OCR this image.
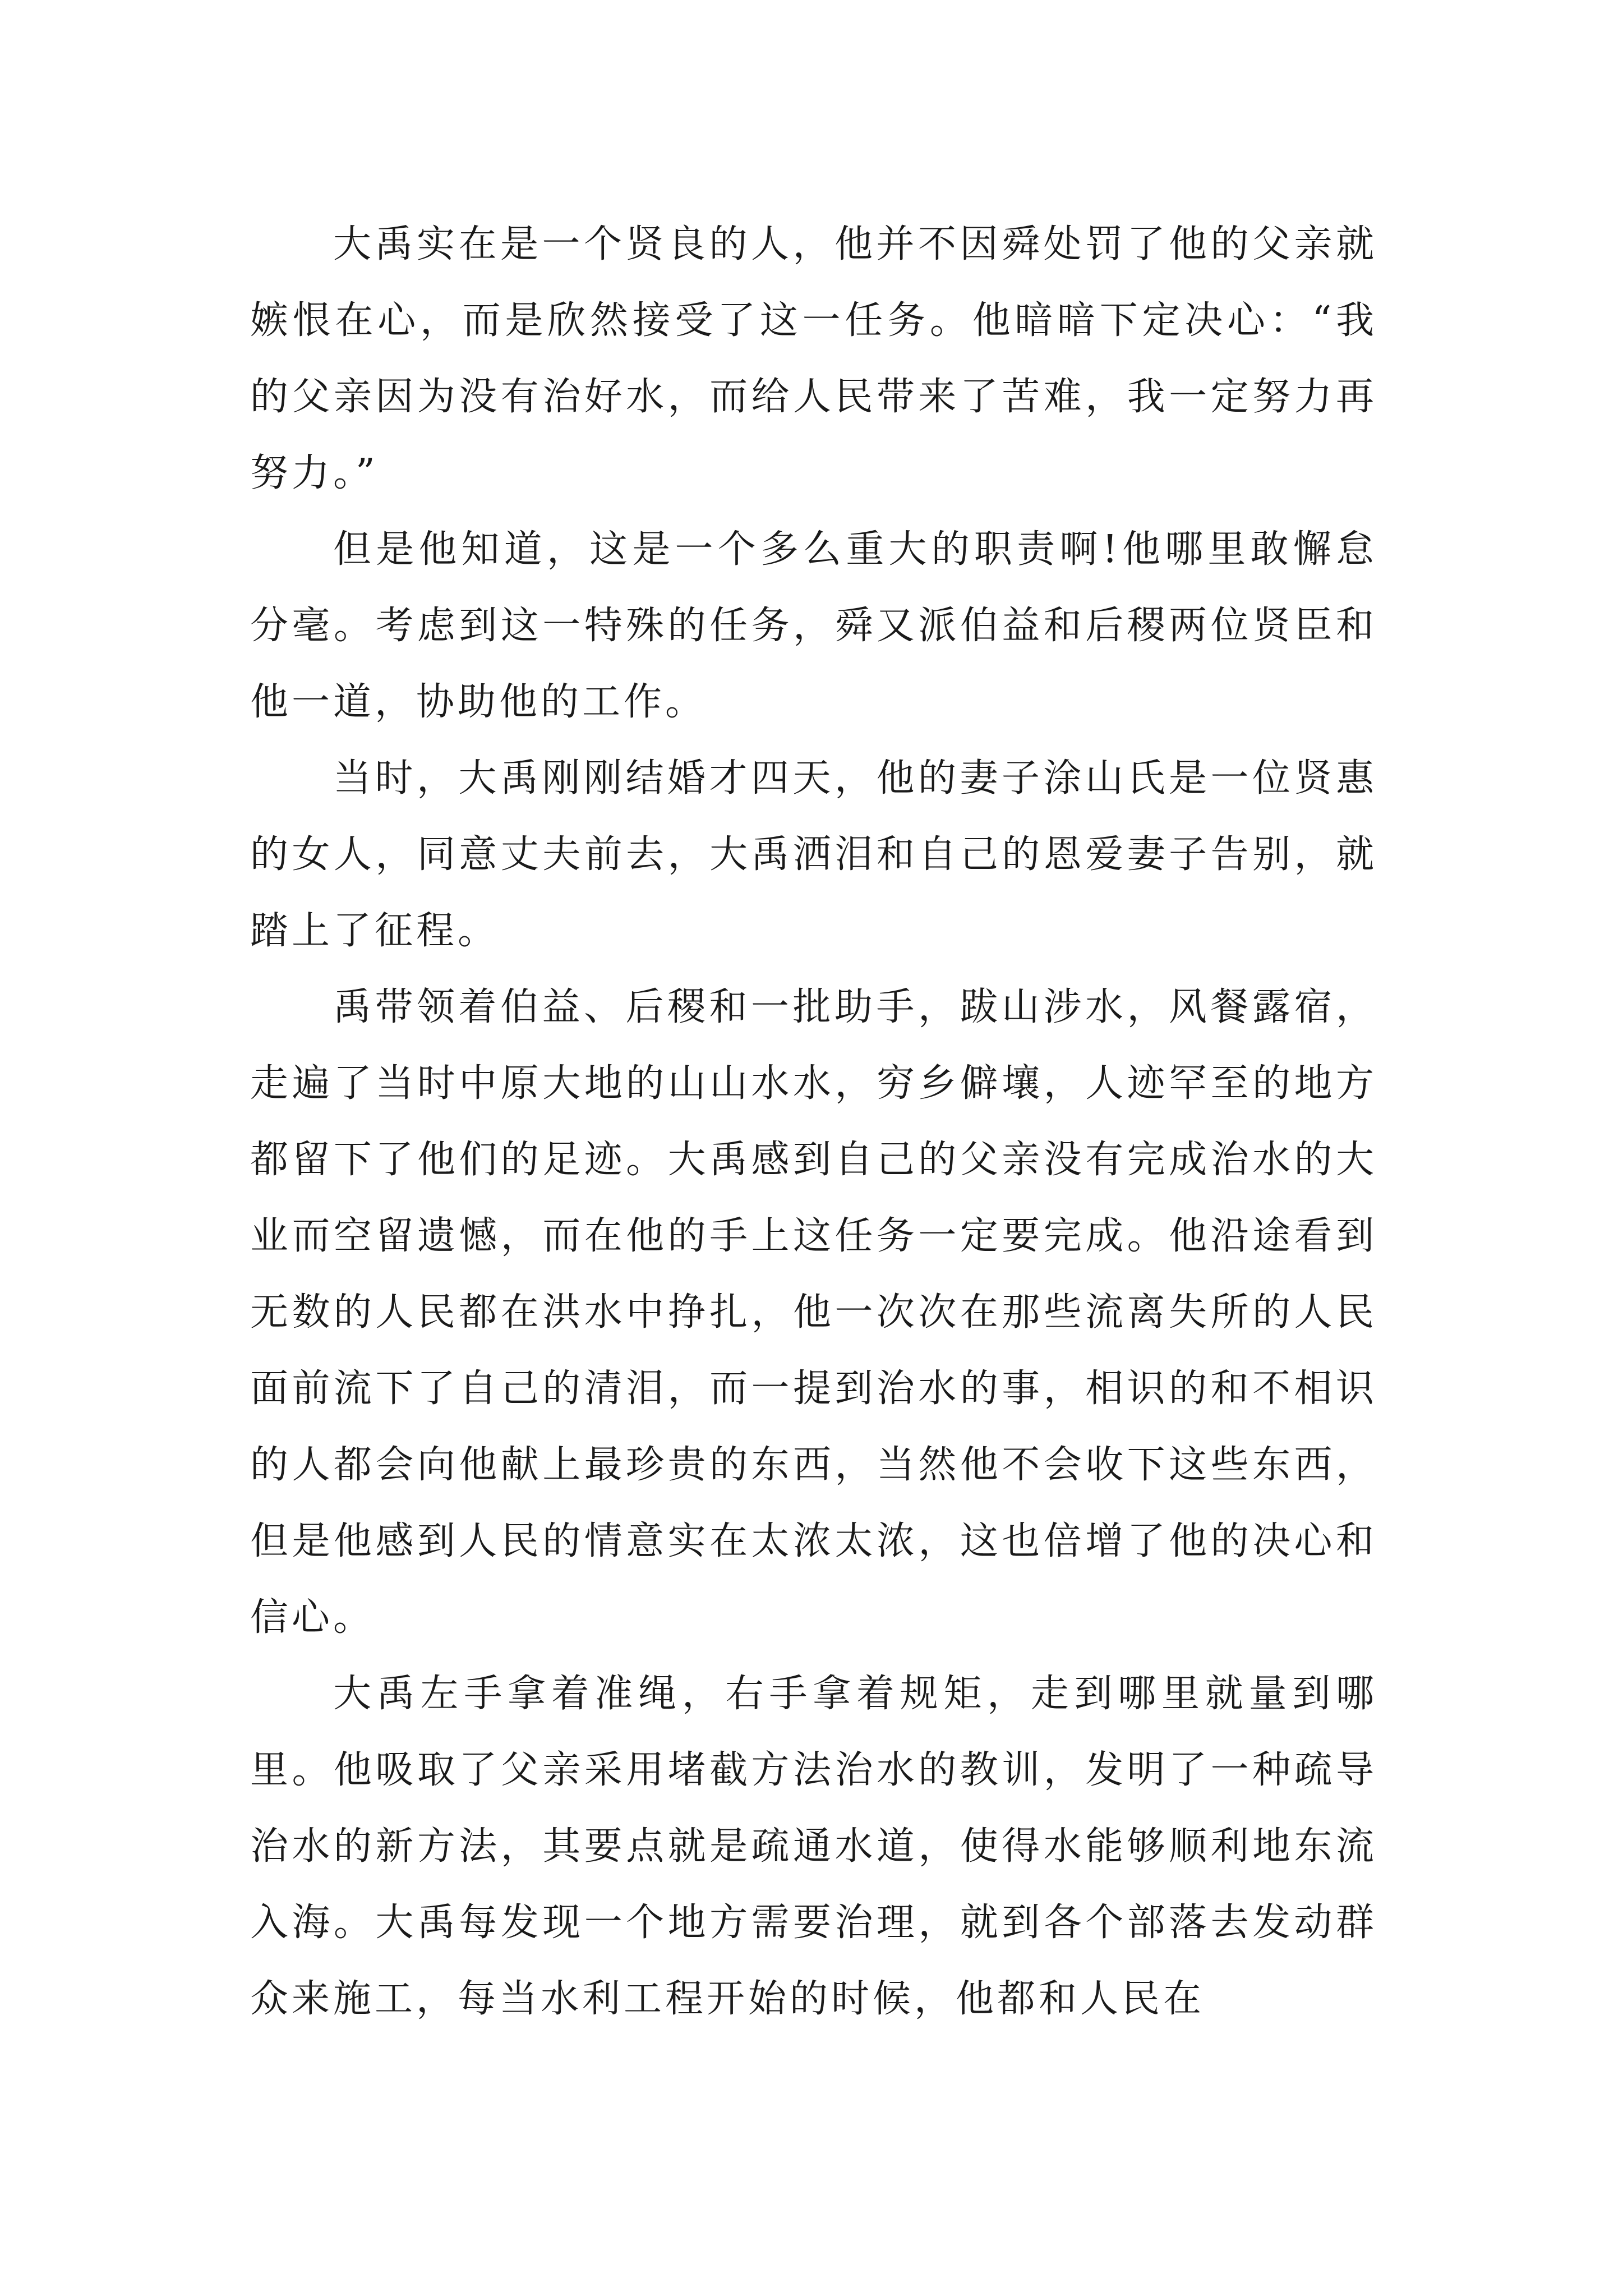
大禹实在是一个贤良的人，他并不因舜处罚了他的父亲就嫉恨在心，而是欣然接受了这一任务。他暗暗下定决心：“我的父亲因为没有治好水，而给人民带来了苦难，我一定努力再努力。”

但是他知道，这是一个多么重大的职责啊!他哪里敢懈怠分毫。考虑到这一特殊的任务，舜又派伯益和后稷两位贤臣和他一道，协助他的工作。

当时，大禹刚刚结婚才四天，他的妻子涂山氏是一位贤惠的女人，同意丈夫前去，大禹洒泪和自己的恩爱妻子告别，就踏上了征程。

禹带领着伯益、后稷和一批助手，跋山涉水，风餐露宿，走遍了当时中原大地的山山水水，穷乡僻壤，人迹罕至的地方都留下了他们的足迹。大禹感到自己的父亲没有完成治水的大业而空留遗憾，而在他的手上这任务一定要完成。他沿途看到无数的人民都在洪水中挣扎，他一次次在那些流离失所的人民面前流下了自己的清泪，而一提到治水的事，相识的和不相识的人都会向他献上最珍贵的东西，当然他不会收下这些东西，但是他感到人民的情意实在太浓太浓，这也倍增了他的决心和信心。

大禹左手拿着准绳，右手拿着规矩，走到哪里就量到哪里。他吸取了父亲采用堵截方法治水的教训，发明了一种疏导治水的新方法，其要点就是疏通水道，使得水能够顺利地东流入海。大禹每发现一个地方需要治理，就到各个部落去发动群众来施工，每当水利工程开始的时候，他都和人民在
